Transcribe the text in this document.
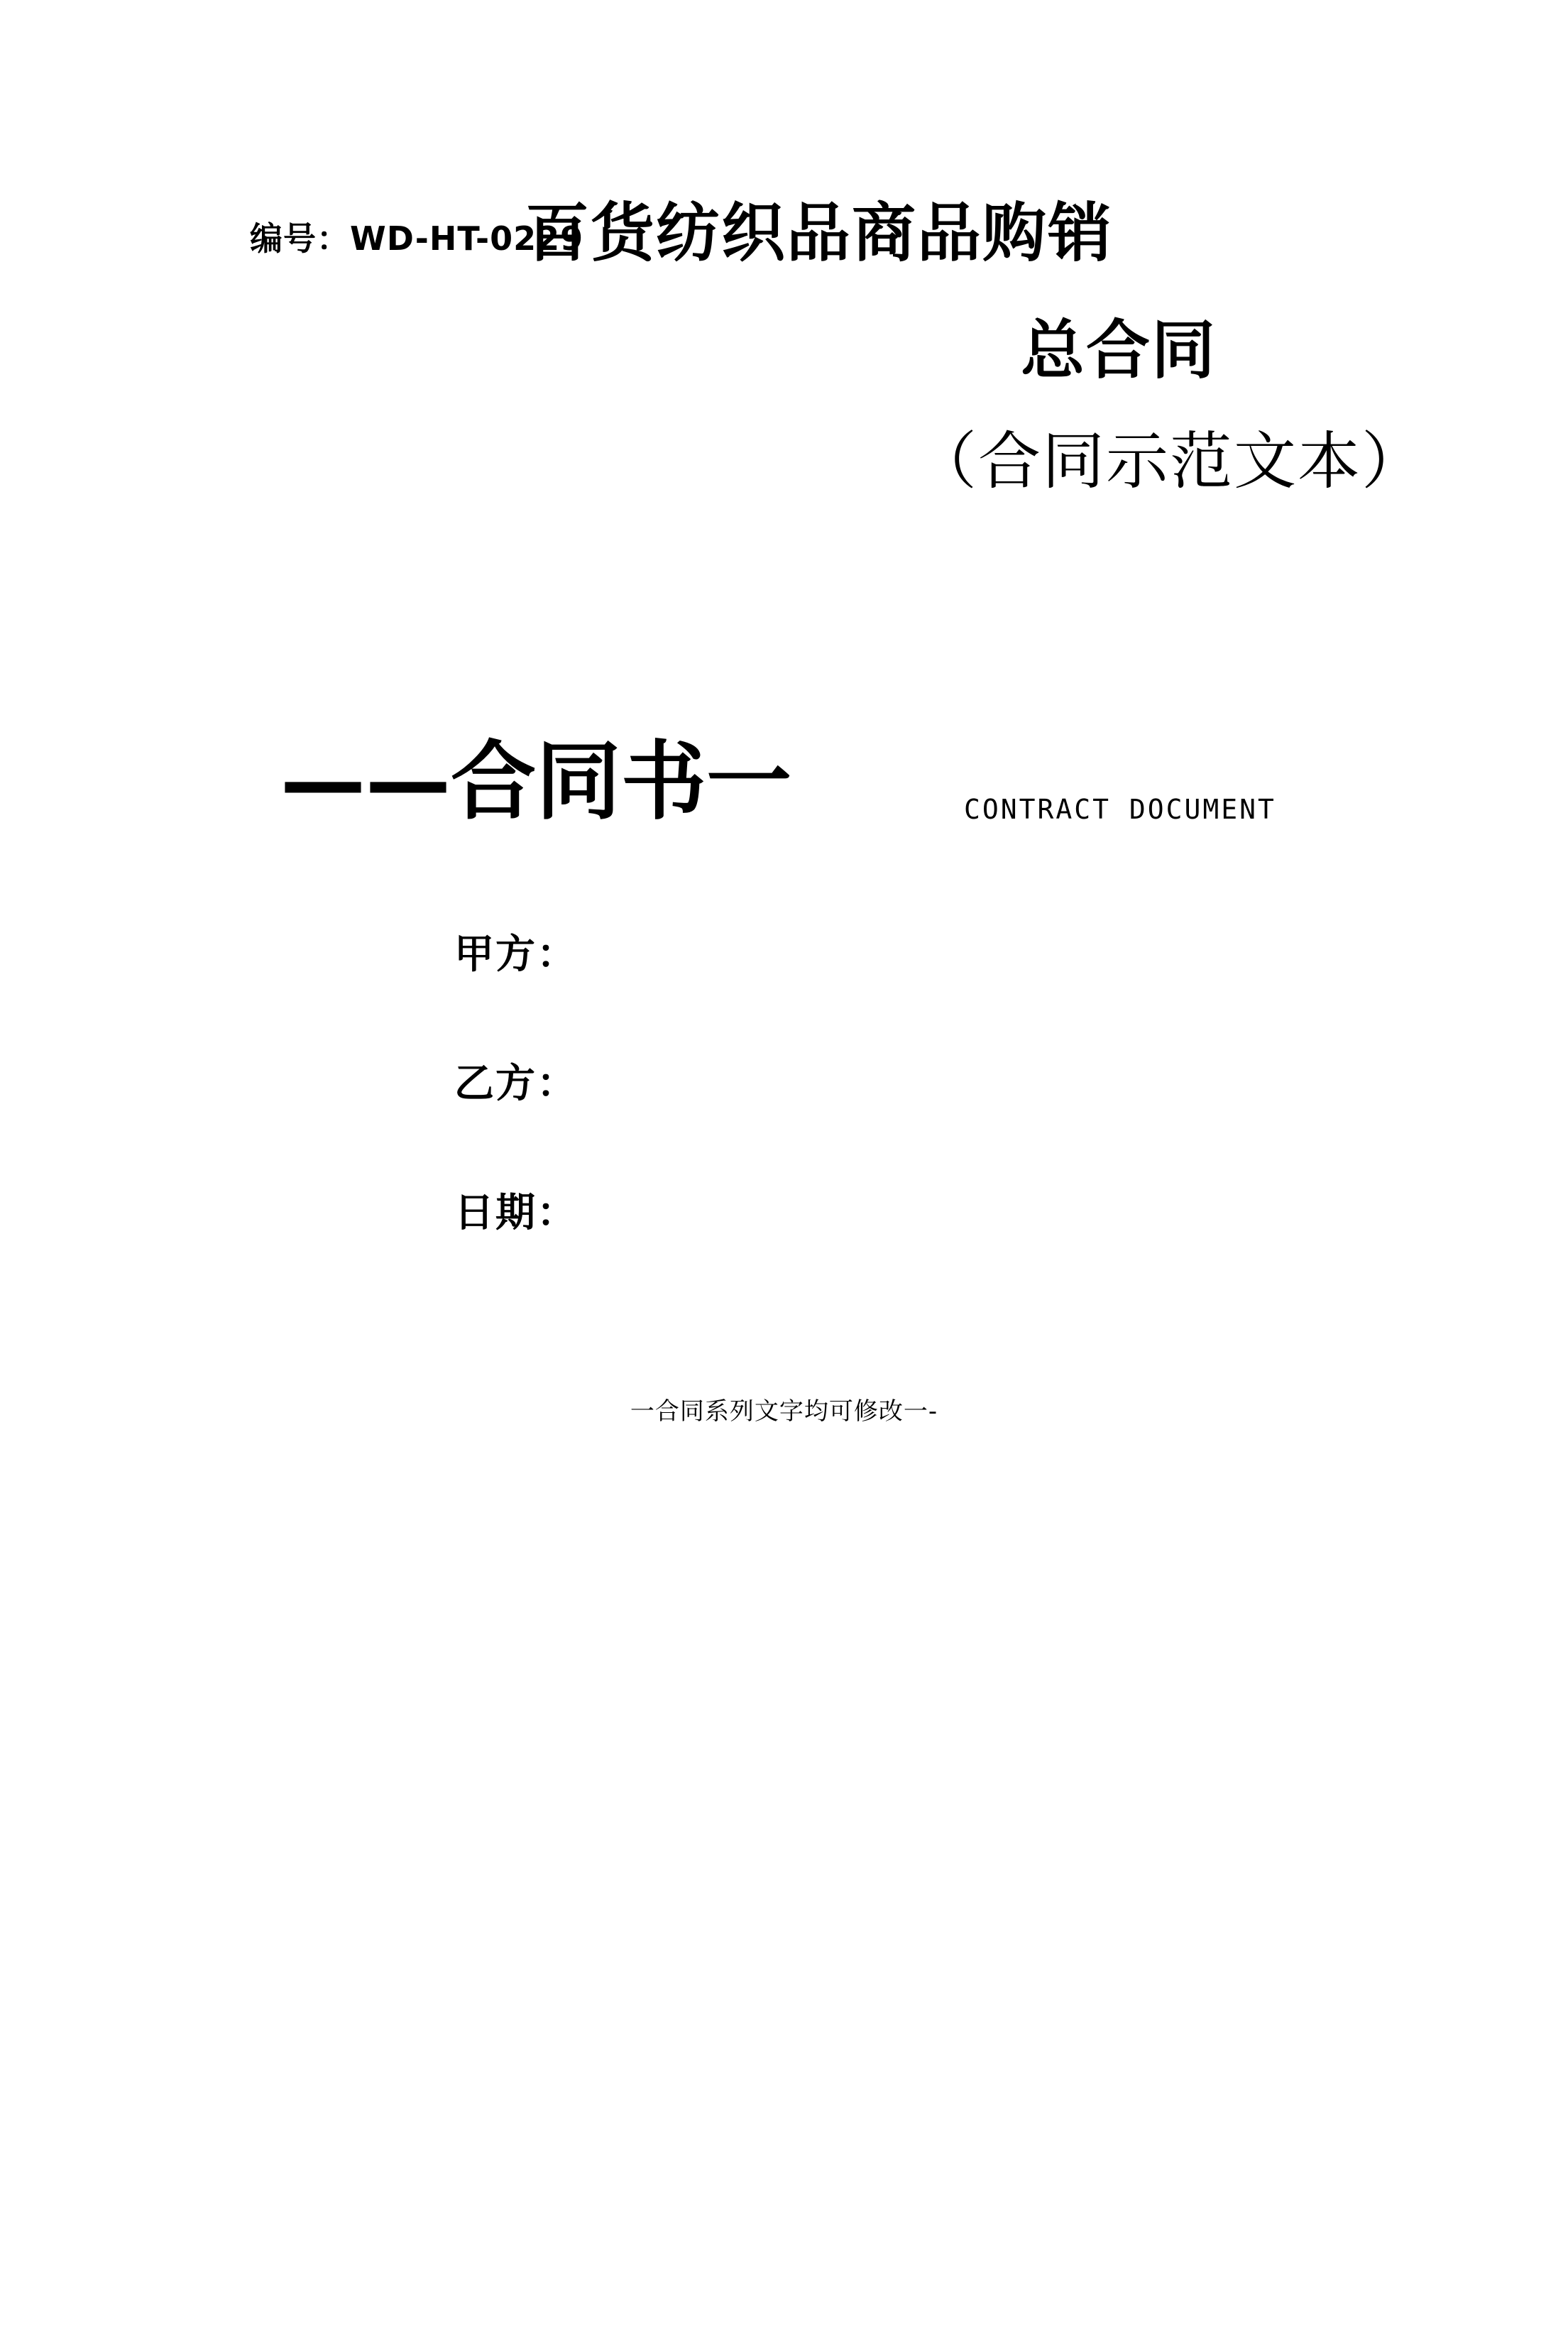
编号：WD-HT-0229
百货纺织品商品购销
总合同
（合同示范文本）
——合同书一	CONTRACT DOCUMENT
甲方：
乙方：
日期：
一合同系列文字均可修改一-
